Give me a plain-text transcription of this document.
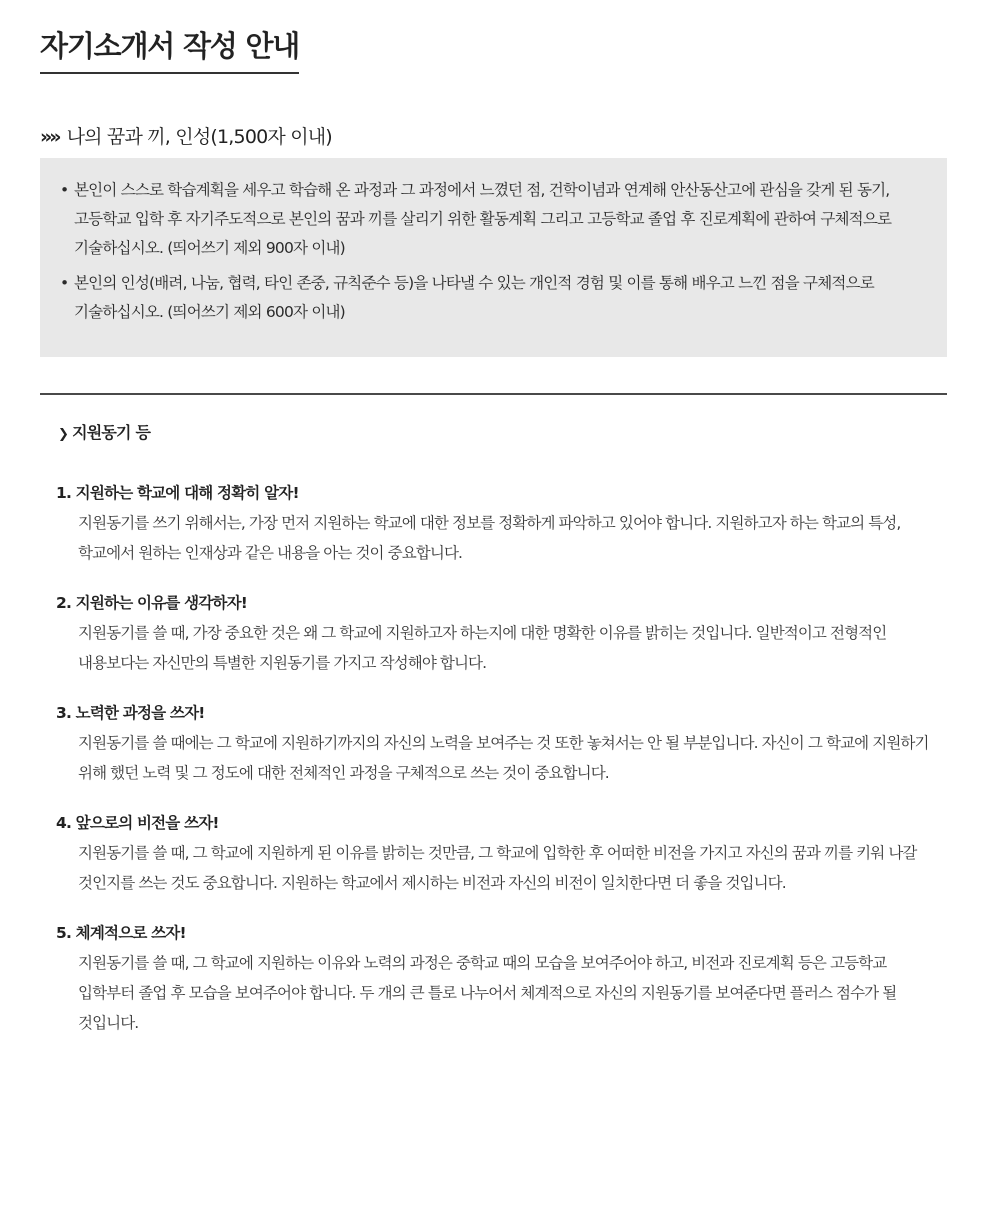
자기소개서 작성 안내
»» 나의 꿈과 끼, 인성(1,500자 이내)
• 본인이 스스로 학습계획을 세우고 학습해 온 과정과 그 과정에서 느꼈던 점, 건학이념과 연계해 안산동산고에 관심을 갖게 된 동기, 고등학교 입학 후 자기주도적으로 본인의 꿈과 끼를 살리기 위한 활동계획 그리고 고등학교 졸업 후 진로계획에 관하여 구체적으로 기술하십시오. (띄어쓰기 제외 900자 이내)
• 본인의 인성(배려, 나눔, 협력, 타인 존중, 규칙준수 등)을 나타낼 수 있는 개인적 경험 및 이를 통해 배우고 느낀 점을 구체적으로 기술하십시오. (띄어쓰기 제외 600자 이내)
❯ 지원동기 등
1. 지원하는 학교에 대해 정확히 알자!
지원동기를 쓰기 위해서는, 가장 먼저 지원하는 학교에 대한 정보를 정확하게 파악하고 있어야 합니다. 지원하고자 하는 학교의 특성, 학교에서 원하는 인재상과 같은 내용을 아는 것이 중요합니다.
2. 지원하는 이유를 생각하자!
지원동기를 쓸 때, 가장 중요한 것은 왜 그 학교에 지원하고자 하는지에 대한 명확한 이유를 밝히는 것입니다. 일반적이고 전형적인 내용보다는 자신만의 특별한 지원동기를 가지고 작성해야 합니다.
3. 노력한 과정을 쓰자!
지원동기를 쓸 때에는 그 학교에 지원하기까지의 자신의 노력을 보여주는 것 또한 놓쳐서는 안 될 부분입니다. 자신이 그 학교에 지원하기 위해 했던 노력 및 그 정도에 대한 전체적인 과정을 구체적으로 쓰는 것이 중요합니다.
4. 앞으로의 비전을 쓰자!
지원동기를 쓸 때, 그 학교에 지원하게 된 이유를 밝히는 것만큼, 그 학교에 입학한 후 어떠한 비전을 가지고 자신의 꿈과 끼를 키워 나갈 것인지를 쓰는 것도 중요합니다. 지원하는 학교에서 제시하는 비전과 자신의 비전이 일치한다면 더 좋을 것입니다.
5. 체계적으로 쓰자!
지원동기를 쓸 때, 그 학교에 지원하는 이유와 노력의 과정은 중학교 때의 모습을 보여주어야 하고, 비전과 진로계획 등은 고등학교 입학부터 졸업 후 모습을 보여주어야 합니다. 두 개의 큰 틀로 나누어서 체계적으로 자신의 지원동기를 보여준다면 플러스 점수가 될 것입니다.
